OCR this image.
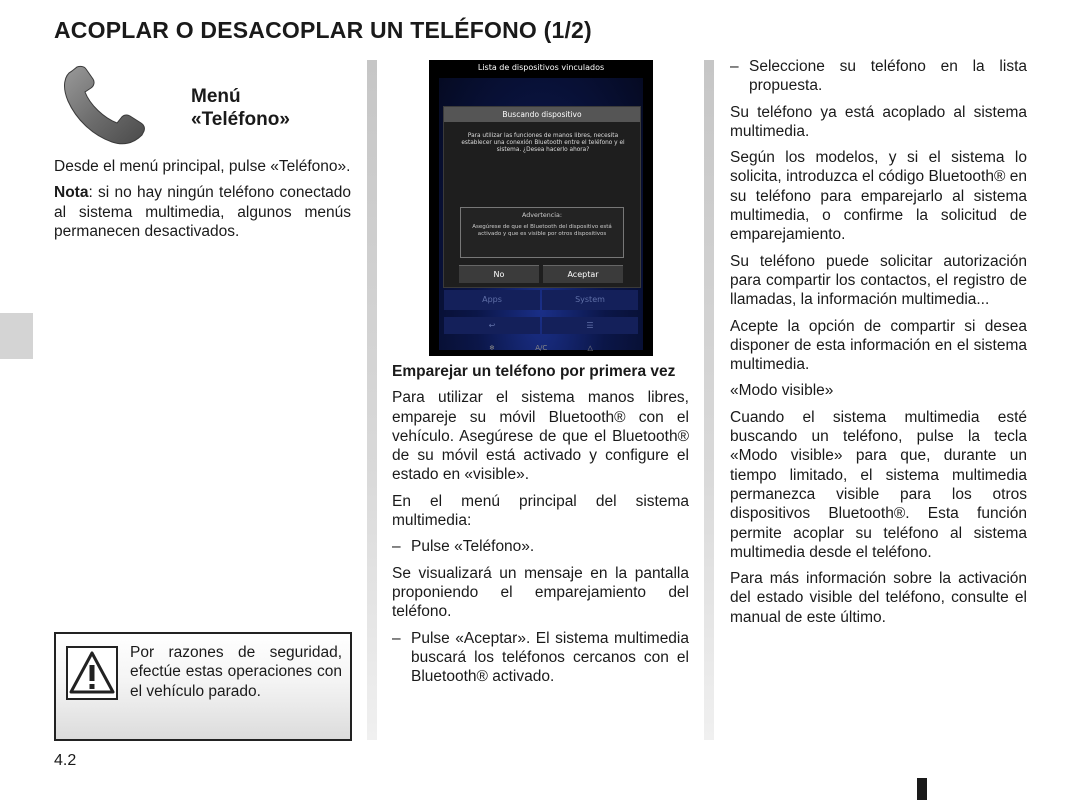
ACOPLAR O DESACOPLAR UN TELÉFONO (1/2)
Menú
«Teléfono»

Desde el menú principal, pulse «Teléfono».

Nota: si no hay ningún teléfono conectado al sistema multimedia, algunos menús permanecen desactivados.

Por razones de seguridad, efectúe estas operaciones con el vehículo parado.
Lista de dispositivos vinculados
Apps	System
↩	☰
Buscando dispositivo
Para utilizar las funciones de manos libres, necesita establecer una conexión Bluetooth entre el teléfono y el sistema. ¿Desea hacerlo ahora?
Advertencia:
Asegúrese de que el Bluetooth del dispositivo está activado y que es visible por otros dispositivos
No	Aceptar
❄	A/C	△

Emparejar un teléfono por primera vez

Para utilizar el sistema manos libres, empareje su móvil Bluetooth® con el vehículo. Asegúrese de que el Bluetooth® de su móvil está activado y configure el estado en «visible».

En el menú principal del sistema multimedia:

– Pulse «Teléfono».

Se visualizará un mensaje en la pantalla proponiendo el emparejamiento del teléfono.

– Pulse «Aceptar». El sistema multimedia buscará los teléfonos cercanos con el Bluetooth® activado.
– Seleccione su teléfono en la lista propuesta.

Su teléfono ya está acoplado al sistema multimedia.

Según los modelos, y si el sistema lo solicita, introduzca el código Bluetooth® en su teléfono para emparejarlo al sistema multimedia, o confirme la solicitud de emparejamiento.

Su teléfono puede solicitar autorización para compartir los contactos, el registro de llamadas, la información multimedia...

Acepte la opción de compartir si desea disponer de esta información en el sistema multimedia.

«Modo visible»

Cuando el sistema multimedia esté buscando un teléfono, pulse la tecla «Modo visible» para que, durante un tiempo limitado, el sistema multimedia permanezca visible para los otros dispositivos Bluetooth®. Esta función permite acoplar su teléfono al sistema multimedia desde el teléfono.

Para más información sobre la activación del estado visible del teléfono, consulte el manual de este último.

4.2
